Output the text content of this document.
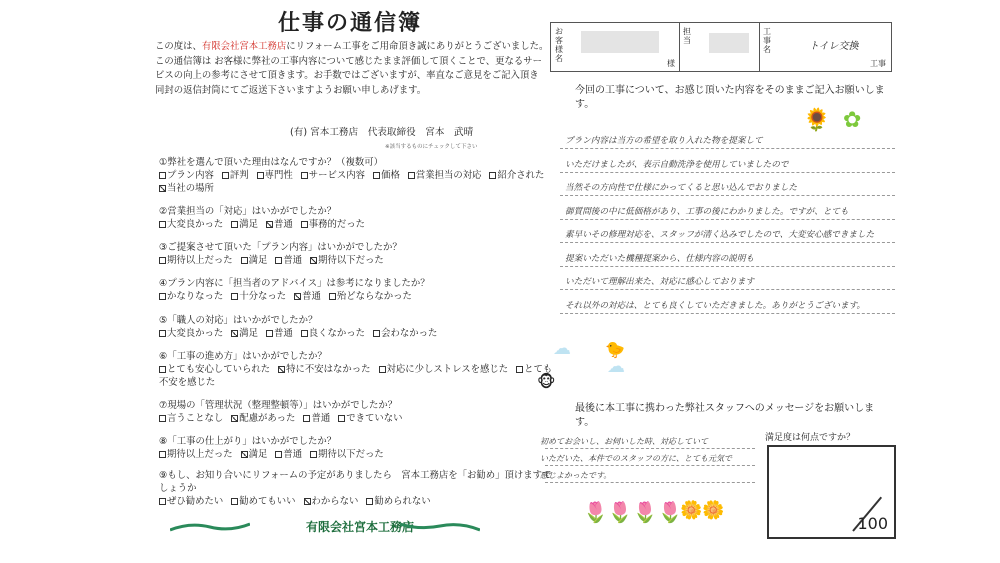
仕事の通信簿
この度は、有限会社宮本工務店にリフォーム工事をご用命頂き誠にありがとうございました。この通信簿は お客様に弊社の工事内容について感じたまま評価して頂くことで、更なるサービスの向上の参考にさせて頂きます。お手数ではございますが、率直なご意見をご記入頂き 同封の返信封筒にてご返送下さいますようお願い申しあげます。
(有) 宮本工務店　代表取締役　宮本　武晴
※該当するものにチェックして下さい
①弊社を選んで頂いた理由はなんですか？（複数可）
プラン内容 評判 専門性 サービス内容 価格 営業担当の対応 紹介された当社の場所
②営業担当の「対応」はいかがでしたか？
大変良かった 満足 普通 事務的だった
③ご提案させて頂いた「プラン内容」はいかがでしたか？
期待以上だった 満足 普通 期待以下だった
④プラン内容に「担当者のアドバイス」は参考になりましたか？
かなりなった 十分なった 普通 殆どならなかった
⑤「職人の対応」はいかがでしたか？
大変良かった 満足 普通 良くなかった 会わなかった
⑥「工事の進め方」はいかがでしたか？
とても安心していられた 特に不安はなかった 対応に少しストレスを感じた とても不安を感じた
⑦現場の「管理状況（整理整頓等）」はいかがでしたか？
言うことなし 配慮があった 普通 できていない
⑧「工事の仕上がり」はいかがでしたか？
期待以上だった 満足 普通 期待以下だった
⑨もし、お知り合いにリフォームの予定がありましたら　宮本工務店を「お勧め」頂けますでしょうか
ぜひ勧めたい 勧めてもいい わからない 勧められない
有限会社宮本工務店
お客様名
様
担当
工事名	トイレ交換
工事
今回の工事について、お感じ頂いた内容をそのままご記入お願いします。
🌻 ✿
プラン内容は当方の希望を取り入れた物を提案して
いただけましたが、表示自動洗浄を使用していましたので
当然その方向性で仕様にかってくると思い込んでおりました
御質問後の中に低価格があり、工事の後にわかりました。ですが、とても
素早いその修理対応を、スタッフが清く込みでしたので、大変安心感できました
提案いただいた機種提案から、仕様内容の説明も
いただいて理解出来た、対応に感心しております
それ以外の対応は、とても良くしていただきました。ありがとうございます。
🐤
🐵
☁
☁
最後に本工事に携わった弊社スタッフへのメッセージをお願いします。
満足度は何点ですか？
初めてお会いし、お伺いした時、対応していて
いただいた、本件でのスタッフの方に、とても元気で
感じよかったです。
100
🌷🌷🌷🌷
🌼🌼
